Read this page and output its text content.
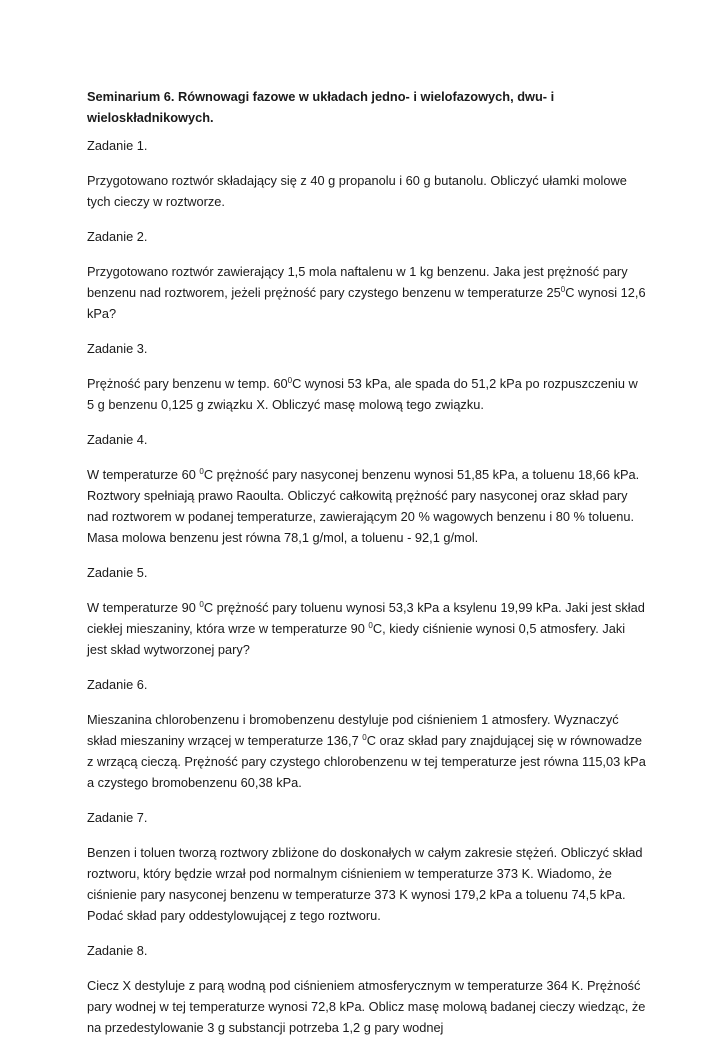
Seminarium 6. Równowagi fazowe w układach jedno- i wielofazowych, dwu- i wieloskładnikowych.

Zadanie 1.

Przygotowano roztwór składający się z 40 g propanolu i 60 g butanolu. Obliczyć ułamki molowe tych cieczy w roztworze.

Zadanie 2.

Przygotowano roztwór zawierający 1,5 mola naftalenu w 1 kg benzenu. Jaka jest prężność pary benzenu nad roztworem, jeżeli prężność pary czystego benzenu w temperaturze $25^0C$ wynosi 12,6 kPa?

Zadanie 3.

Prężność pary benzenu w temp. $60^0C$ wynosi 53 kPa, ale spada do 51,2 kPa po rozpuszczeniu w 5 g benzenu 0,125 g związku X. Obliczyć masę molową tego związku.

Zadanie 4.

W temperaturze 60 $^0$C prężność pary nasyconej benzenu wynosi 51,85 kPa, a toluenu 18,66 kPa. Roztwory spełniają prawo Raoulta. Obliczyć całkowitą prężność pary nasyconej oraz skład pary nad roztworem w podanej temperaturze, zawierającym 20 % wagowych benzenu i 80 % toluenu. Masa molowa benzenu jest równa 78,1 g/mol, a toluenu - 92,1 g/mol.

Zadanie 5.

W temperaturze 90 $^0$C prężność pary toluenu wynosi 53,3 kPa a ksylenu 19,99 kPa. Jaki jest skład ciekłej mieszaniny, która wrze w temperaturze 90 $^0$C, kiedy ciśnienie wynosi 0,5 atmosfery. Jaki jest skład wytworzonej pary?

Zadanie 6.

Mieszanina chlorobenzenu i bromobenzenu destyluje pod ciśnieniem 1 atmosfery. Wyznaczyć skład mieszaniny wrzącej w temperaturze 136,7 $^0$C oraz skład pary znajdującej się w równowadze z wrzącą cieczą. Prężność pary czystego chlorobenzenu w tej temperaturze jest równa 115,03 kPa a czystego bromobenzenu 60,38 kPa.

Zadanie 7.

Benzen i toluen tworzą roztwory zbliżone do doskonałych w całym zakresie stężeń. Obliczyć skład roztworu, który będzie wrzał pod normalnym ciśnieniem w temperaturze 373 K. Wiadomo, że ciśnienie pary nasyconej benzenu w temperaturze 373 K wynosi 179,2 kPa a toluenu 74,5 kPa. Podać skład pary oddestylowującej z tego roztworu.

Zadanie 8.

Ciecz X destyluje z parą wodną pod ciśnieniem atmosferycznym w temperaturze 364 K. Prężność pary wodnej w tej temperaturze wynosi 72,8 kPa. Oblicz masę molową badanej cieczy wiedząc, że na przedestylowanie 3 g substancji potrzeba 1,2 g pary wodnej
